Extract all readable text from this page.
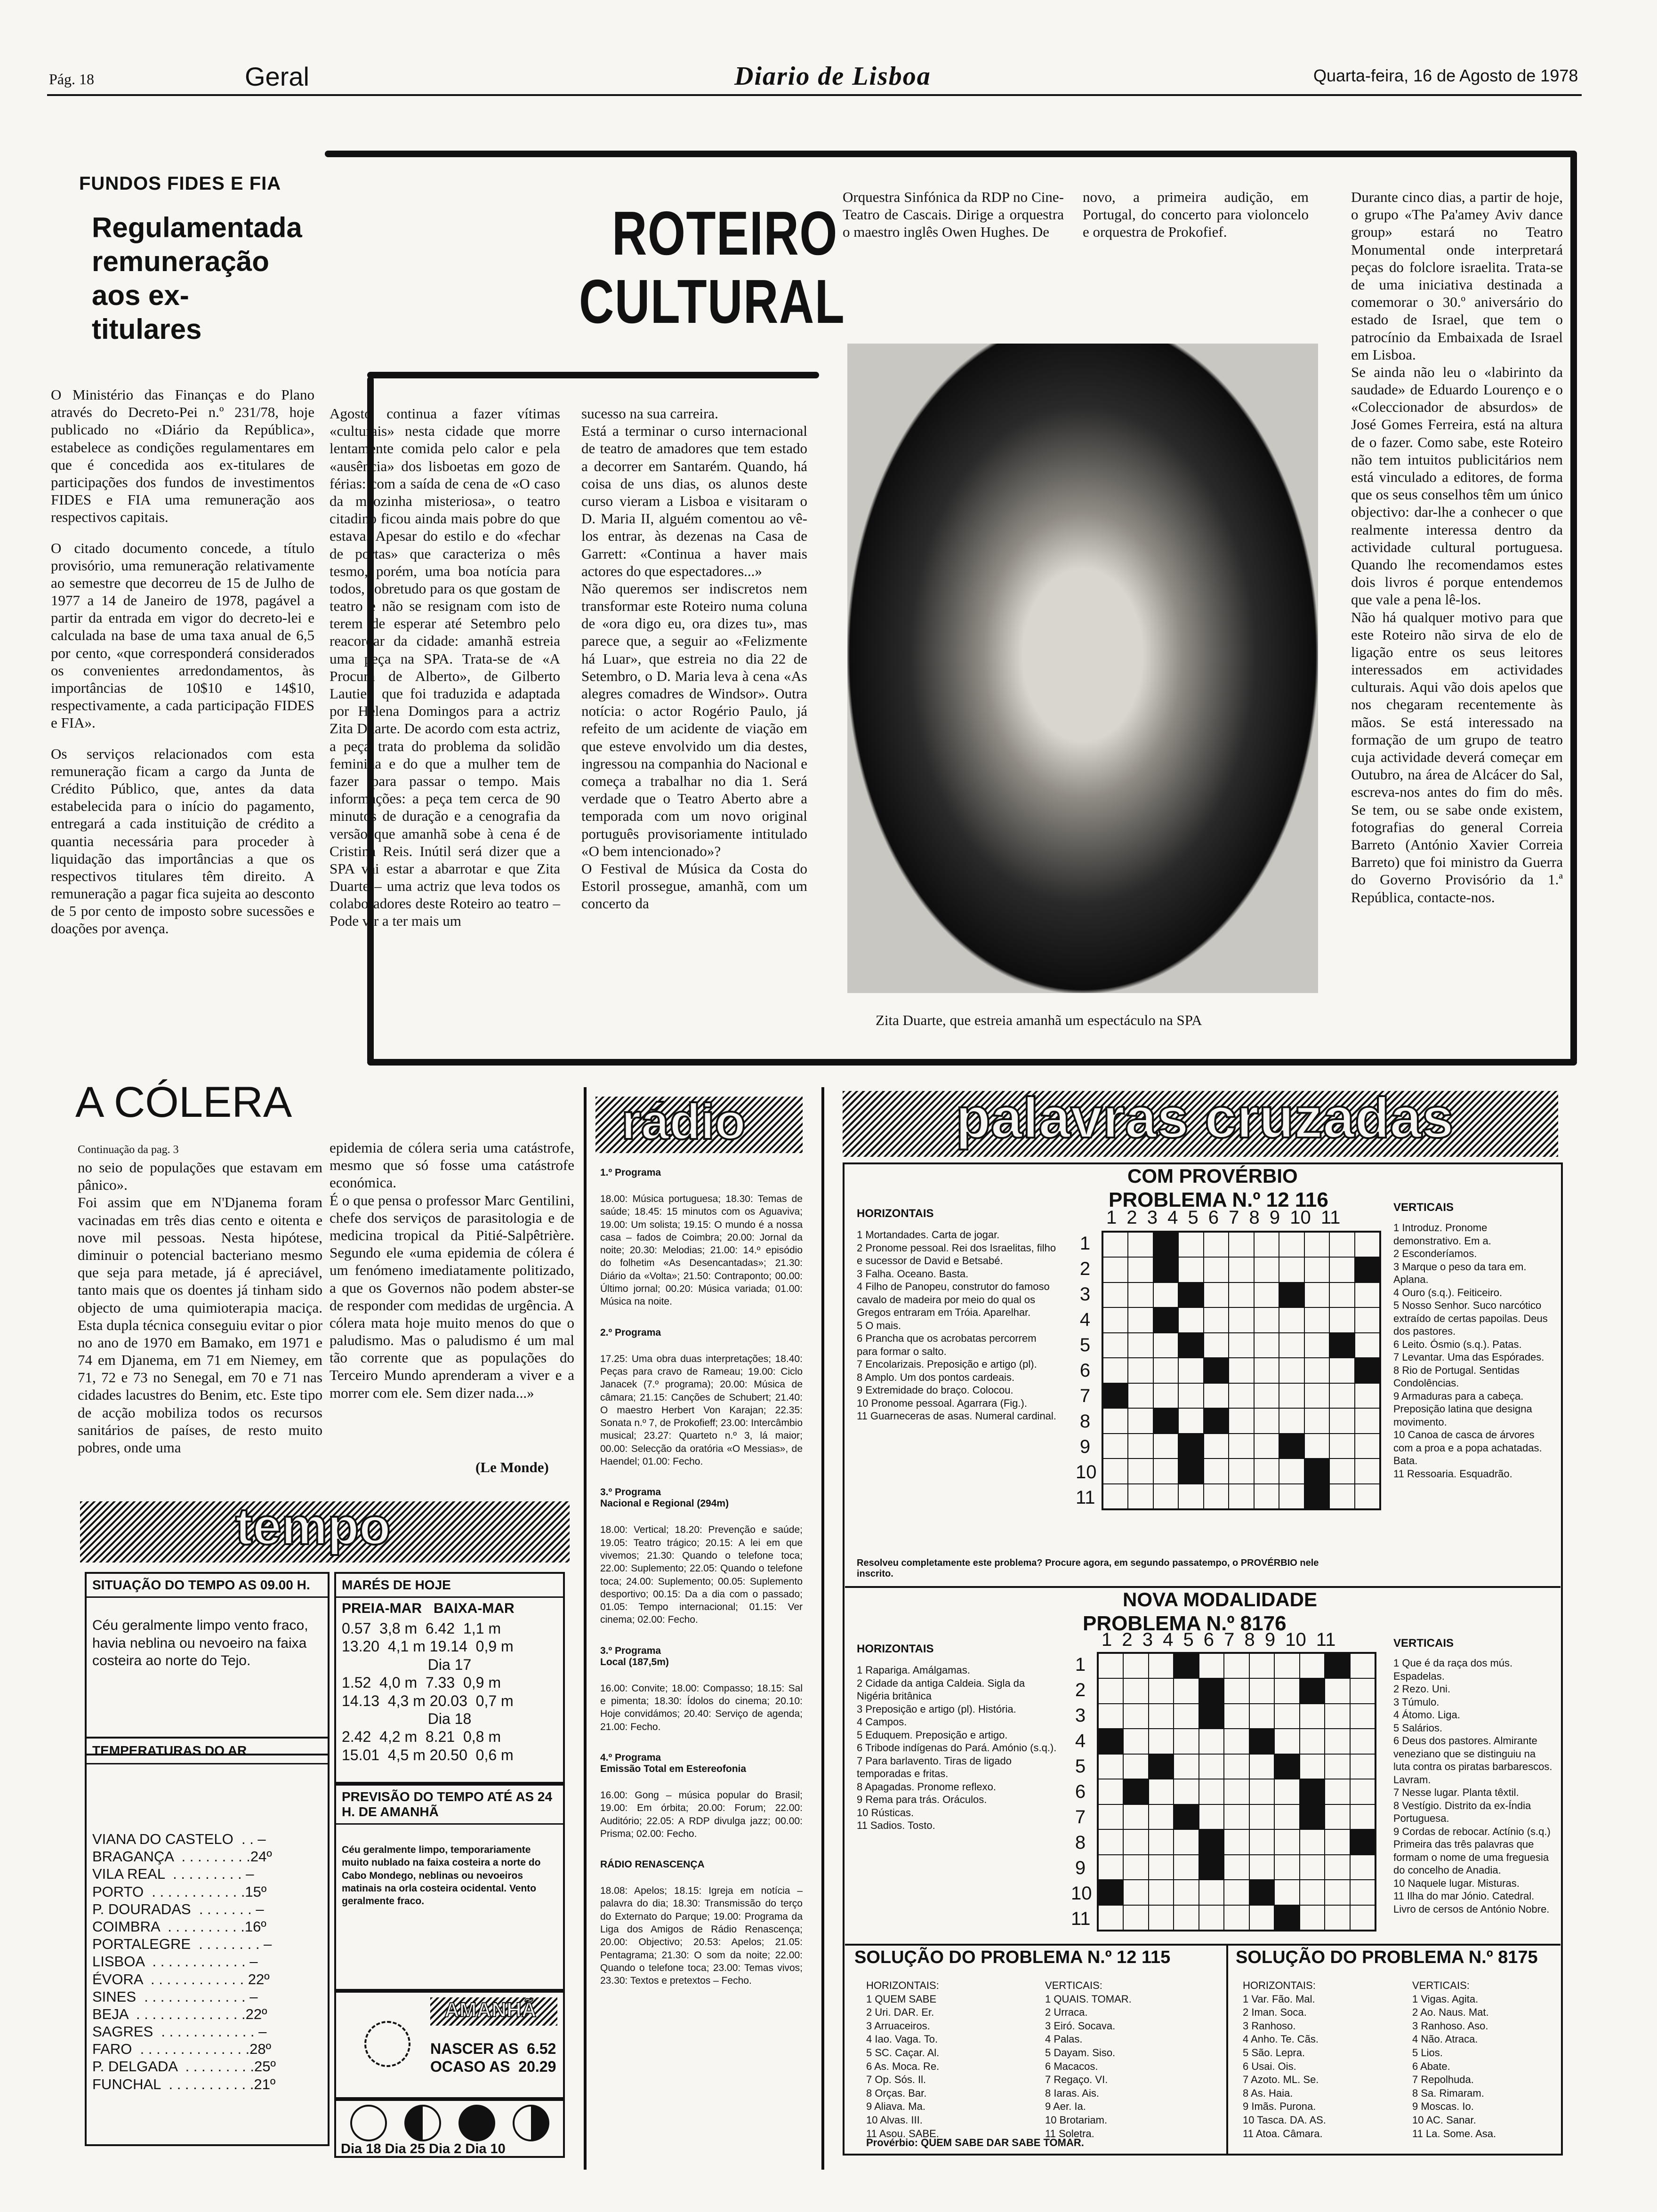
Pág. 18	Geral	Diario de Lisboa	Quarta-feira, 16 de Agosto de 1978
FUNDOS FIDES E FIA
Regulamentada remuneração aos ex-titulares

O Ministério das Finanças e do Plano através do Decreto-Pei n.º 231/78, hoje publicado no «Diário da República», estabelece as condições regulamentares em que é concedida aos ex-titulares de participações dos fundos de investimentos FIDES e FIA uma remuneração aos respectivos capitais.

O citado documento concede, a título provisório, uma remuneração relativamente ao semestre que decorreu de 15 de Julho de 1977 a 14 de Janeiro de 1978, pagável a partir da entrada em vigor do decreto-lei e calculada na base de uma taxa anual de 6,5 por cento, «que corresponderá considerados os convenientes arredondamentos, às importâncias de 10$10 e 14$10, respectivamente, a cada participação FIDES e FIA».

Os serviços relacionados com esta remuneração ficam a cargo da Junta de Crédito Público, que, antes da data estabelecida para o início do pagamento, entregará a cada instituição de crédito a quantia necessária para proceder à liquidação das importâncias a que os respectivos titulares têm direito. A remuneração a pagar fica sujeita ao desconto de 5 por cento de imposto sobre sucessões e doações por avença.

ROTEIRO
CULTURAL
Agosto continua a fazer vítimas «culturais» nesta cidade que morre lentamente comida pelo calor e pela «ausência» dos lisboetas em gozo de férias: com a saída de cena de «O caso da mãozinha misteriosa», o teatro citadino ficou ainda mais pobre do que estava. Apesar do estilo e do «fechar de portas» que caracteriza o mês tesmo, porém, uma boa notícia para todos, sobretudo para os que gostam de teatro e não se resignam com isto de terem de esperar até Setembro pelo reacordar da cidade: amanhã estreia uma peça na SPA. Trata-se de «A Procura de Alberto», de Gilberto Lautier, que foi traduzida e adaptada por Helena Domingos para a actriz Zita Duarte. De acordo com esta actriz, a peça trata do problema da solidão feminina e do que a mulher tem de fazer para passar o tempo. Mais informações: a peça tem cerca de 90 minutos de duração e a cenografia da versão que amanhã sobe à cena é de Cristina Reis. Inútil será dizer que a SPA vai estar a abarrotar e que Zita Duarte – uma actriz que leva todos os colaboradores deste Roteiro ao teatro – Pode vir a ter mais um
sucesso na sua carreira.
Está a terminar o curso internacional de teatro de amadores que tem estado a decorrer em Santarém. Quando, há coisa de uns dias, os alunos deste curso vieram a Lisboa e visitaram o D. Maria II, alguém comentou ao vê-los entrar, às dezenas na Casa de Garrett: «Continua a haver mais actores do que espectadores...»
Não queremos ser indiscretos nem transformar este Roteiro numa coluna de «ora digo eu, ora dizes tu», mas parece que, a seguir ao «Felizmente há Luar», que estreia no dia 22 de Setembro, o D. Maria leva à cena «As alegres comadres de Windsor». Outra notícia: o actor Rogério Paulo, já refeito de um acidente de viação em que esteve envolvido um dia destes, ingressou na companhia do Nacional e começa a trabalhar no dia 1. Será verdade que o Teatro Aberto abre a temporada com um novo original português provisoriamente intitulado «O bem intencionado»?
O Festival de Música da Costa do Estoril prossegue, amanhã, com um concerto da
Orquestra Sinfónica da RDP no Cine-Teatro de Cascais. Dirige a orquestra o maestro inglês Owen Hughes. De
novo, a primeira audição, em Portugal, do concerto para violoncelo e orquestra de Prokofief.
Zita Duarte, que estreia amanhã um espectáculo na SPA
Durante cinco dias, a partir de hoje, o grupo «The Pa'amey Aviv dance group» estará no Teatro Monumental onde interpretará peças do folclore israelita. Trata-se de uma iniciativa destinada a comemorar o 30.º aniversário do estado de Israel, que tem o patrocínio da Embaixada de Israel em Lisboa.
Se ainda não leu o «labirinto da saudade» de Eduardo Lourenço e o «Coleccionador de absurdos» de José Gomes Ferreira, está na altura de o fazer. Como sabe, este Roteiro não tem intuitos publicitários nem está vinculado a editores, de forma que os seus conselhos têm um único objectivo: dar-lhe a conhecer o que realmente interessa dentro da actividade cultural portuguesa. Quando lhe recomendamos estes dois livros é porque entendemos que vale a pena lê-los.
Não há qualquer motivo para que este Roteiro não sirva de elo de ligação entre os seus leitores interessados em actividades culturais. Aqui vão dois apelos que nos chegaram recentemente às mãos. Se está interessado na formação de um grupo de teatro cuja actividade deverá começar em Outubro, na área de Alcácer do Sal, escreva-nos antes do fim do mês. Se tem, ou se sabe onde existem, fotografias do general Correia Barreto (António Xavier Correia Barreto) que foi ministro da Guerra do Governo Provisório da 1.ª República, contacte-nos.
A CÓLERA
Continuação da pag. 3
no seio de populações que estavam em pânico».
Foi assim que em N'Djanema foram vacinadas em três dias cento e oitenta e nove mil pessoas. Nesta hipótese, diminuir o potencial bacteriano mesmo que seja para metade, já é apreciável, tanto mais que os doentes já tinham sido objecto de uma quimioterapia maciça. Esta dupla técnica conseguiu evitar o pior no ano de 1970 em Bamako, em 1971 e 74 em Djanema, em 71 em Niemey, em 71, 72 e 73 no Senegal, em 70 e 71 nas cidades lacustres do Benim, etc. Este tipo de acção mobiliza todos os recursos sanitários de países, de resto muito pobres, onde uma
epidemia de cólera seria uma catástrofe, mesmo que só fosse uma catástrofe económica.
É o que pensa o professor Marc Gentilini, chefe dos serviços de parasitologia e de medicina tropical da Pitié-Salpêtrière. Segundo ele «uma epidemia de cólera é um fenómeno imediatamente politizado, a que os Governos não podem abster-se de responder com medidas de urgência. A cólera mata hoje muito menos do que o paludismo. Mas o paludismo é um mal tão corrente que as populações do Terceiro Mundo aprenderam a viver e a morrer com ele. Sem dizer nada...»
(Le Monde)
tempo
SITUAÇÃO DO TEMPO AS 09.00 H.
Céu geralmente limpo vento fraco, havia neblina ou nevoeiro na faixa costeira ao norte do Tejo.
TEMPERATURAS DO AR
VIANA DO CASTELO  . . –
BRAGANÇA  . . . . . . . . .24º
VILA REAL  . . . . . . . . . –
PORTO  . . . . . . . . . . . .15º
P. DOURADAS  . . . . . . . –
COIMBRA  . . . . . . . . . .16º
PORTALEGRE  . . . . . . . . –
LISBOA  . . . . . . . . . . . . –
ÉVORA  . . . . . . . . . . . . 22º
SINES  . . . . . . . . . . . . . –
BEJA  . . . . . . . . . . . . . .22º
SAGRES  . . . . . . . . . . . . –
FARO  . . . . . . . . . . . . . .28º
P. DELGADA  . . . . . . . . .25º
FUNCHAL  . . . . . . . . . . .21º
MARÉS DE HOJE
PREIA-MAR   BAIXA-MAR
0.57  3,8 m  6.42  1,1 m
13.20  4,1 m 19.14  0,9 m
Dia 17
1.52  4,0 m  7.33  0,9 m
14.13  4,3 m 20.03  0,7 m
Dia 18
2.42  4,2 m  8.21  0,8 m
15.01  4,5 m 20.50  0,6 m
PREVISÃO DO TEMPO ATÉ AS 24 H. DE AMANHÃ
Céu geralmente limpo, temporariamente muito nublado na faixa costeira a norte do Cabo Mondego, neblinas ou nevoeiros matinais na orla costeira ocidental. Vento geralmente fraco.
AMANHÃ
NASCER AS  6.52
OCASO AS  20.29
Dia 18 Dia 25 Dia 2 Dia 10
rádio
1.º Programa
18.00: Música portuguesa; 18.30: Temas de saúde; 18.45: 15 minutos com os Aguaviva; 19.00: Um solista; 19.15: O mundo é a nossa casa – fados de Coimbra; 20.00: Jornal da noite; 20.30: Melodias; 21.00: 14.º episódio do folhetim «As Desencantadas»; 21.30: Diário da «Volta»; 21.50: Contraponto; 00.00: Último jornal; 00.20: Música variada; 01.00: Música na noite.
2.º Programa
17.25: Uma obra duas interpretações; 18.40: Peças para cravo de Rameau; 19.00: Ciclo Janacek (7.º programa); 20.00: Música de câmara; 21.15: Canções de Schubert; 21.40: O maestro Herbert Von Karajan; 22.35: Sonata n.º 7, de Prokofieff; 23.00: Intercâmbio musical; 23.27: Quarteto n.º 3, lá maior; 00.00: Selecção da oratória «O Messias», de Haendel; 01.00: Fecho.
3.º Programa
Nacional e Regional (294m)
18.00: Vertical; 18.20: Prevenção e saúde; 19.05: Teatro trágico; 20.15: A lei em que vivemos; 21.30: Quando o telefone toca; 22.00: Suplemento; 22.05: Quando o telefone toca; 24.00: Suplemento; 00.05: Suplemento desportivo; 00.15: Da a dia com o passado; 01.05: Tempo internacional; 01.15: Ver cinema; 02.00: Fecho.
3.º Programa
Local (187,5m)
16.00: Convite; 18.00: Compasso; 18.15: Sal e pimenta; 18.30: Ídolos do cinema; 20.10: Hoje convidámos; 20.40: Serviço de agenda; 21.00: Fecho.
4.º Programa
Emissão Total em Estereofonia
16.00: Gong – música popular do Brasil; 19.00: Em órbita; 20.00: Forum; 22.00: Auditório; 22.05: A RDP divulga jazz; 00.00: Prisma; 02.00: Fecho.
RÁDIO RENASCENÇA
18.08: Apelos; 18.15: Igreja em notícia – palavra do dia; 18.30: Transmissão do terço do Externato do Parque; 19.00: Programa da Liga dos Amigos de Rádio Renascença; 20.00: Objectivo; 20.53: Apelos; 21.05: Pentagrama; 21.30: O som da noite; 22.00: Quando o telefone toca; 23.00: Temas vivos; 23.30: Textos e pretextos – Fecho.
palavras cruzadas
COM PROVÉRBIO
PROBLEMA N.º 12 116
HORIZONTAIS
1 Mortandades. Carta de jogar.
2 Pronome pessoal. Rei dos Israelitas, filho e sucessor de David e Betsabé.
3 Falha. Oceano. Basta.
4 Filho de Panopeu, construtor do famoso cavalo de madeira por meio do qual os Gregos entraram em Tróia. Aparelhar.
5 O mais.
6 Prancha que os acrobatas percorrem para formar o salto.
7 Encolarizais. Preposição e artigo (pl).
8 Amplo. Um dos pontos cardeais.
9 Extremidade do braço. Colocou.
10 Pronome pessoal. Agarrara (Fig.).
11 Guarneceras de asas. Numeral cardinal.
1 2 3 4 5 6 7 8 9 10 11
1
2
3
4
5
6
7
8
9
10
11
VERTICAIS
1 Introduz. Pronome demonstrativo. Em a.
2 Esconderíamos.
3 Marque o peso da tara em. Aplana.
4 Ouro (s.q.). Feiticeiro.
5 Nosso Senhor. Suco narcótico extraído de certas papoilas. Deus dos pastores.
6 Leito. Ósmio (s.q.). Patas.
7 Levantar. Uma das Espórades.
8 Rio de Portugal. Sentidas Condolências.
9 Armaduras para a cabeça. Preposição latina que designa movimento.
10 Canoa de casca de árvores com a proa e a popa achatadas. Bata.
11 Ressoaria. Esquadrão.
Resolveu completamente este problema? Procure agora, em segundo passatempo, o PROVÉRBIO nele inscrito.
NOVA MODALIDADE
PROBLEMA N.º 8176
HORIZONTAIS
1 Rapariga. Amálgamas.
2 Cidade da antiga Caldeia. Sigla da Nigéria britânica
3 Preposição e artigo (pl). História.
4 Campos.
5 Eduquem. Preposição e artigo.
6 Tribode indígenas do Pará. Amónio (s.q.).
7 Para barlavento. Tiras de ligado temporadas e fritas.
8 Apagadas. Pronome reflexo.
9 Rema para trás. Oráculos.
10 Rústicas.
11 Sadios. Tosto.
1 2 3 4 5 6 7 8 9 10 11
1
2
3
4
5
6
7
8
9
10
11
VERTICAIS
1 Que é da raça dos mús. Espadelas.
2 Rezo. Uni.
3 Túmulo.
4 Átomo. Liga.
5 Salários.
6 Deus dos pastores. Almirante veneziano que se distinguiu na luta contra os piratas barbarescos. Lavram.
7 Nesse lugar. Planta têxtil.
8 Vestígio. Distrito da ex-Índia Portuguesa.
9 Cordas de rebocar. Actínio (s.q.) Primeira das três palavras que formam o nome de uma freguesia do concelho de Anadia.
10 Naquele lugar. Misturas.
11 Ilha do mar Jónio. Catedral. Livro de cersos de António Nobre.
SOLUÇÃO DO PROBLEMA N.º 12 115
HORIZONTAIS:
1 QUEM SABE
2 Uri. DAR. Er.
3 Arruaceiros.
4 Iao. Vaga. To.
5 SC. Caçar. Al.
6 As. Moca. Re.
7 Op. Sós. Il.
8 Orças. Bar.
9 Aliava. Ma.
10 Alvas. III.
11 Asou. SABE.
VERTICAIS:
1 QUAIS. TOMAR.
2 Urraca.
3 Eiró. Socava.
4 Palas.
5 Dayam. Siso.
6 Macacos.
7 Regaço. VI.
8 Iaras. Ais.
9 Aer. Ia.
10 Brotariam.
11 Soletra.
Provérbio: QUEM SABE DAR SABE TOMAR.
SOLUÇÃO DO PROBLEMA N.º 8175
HORIZONTAIS:
1 Var. Fão. Mal.
2 Iman. Soca.
3 Ranhoso.
4 Anho. Te. Cãs.
5 São. Lepra.
6 Usai. Ois.
7 Azoto. ML. Se.
8 As. Haia.
9 Imãs. Purona.
10 Tasca. DA. AS.
11 Atoa. Câmara.
VERTICAIS:
1 Vigas. Agita.
2 Ao. Naus. Mat.
3 Ranhoso. Aso.
4 Não. Atraca.
5 Lios.
6 Abate.
7 Repolhuda.
8 Sa. Rimaram.
9 Moscas. Io.
10 AC. Sanar.
11 La. Some. Asa.
